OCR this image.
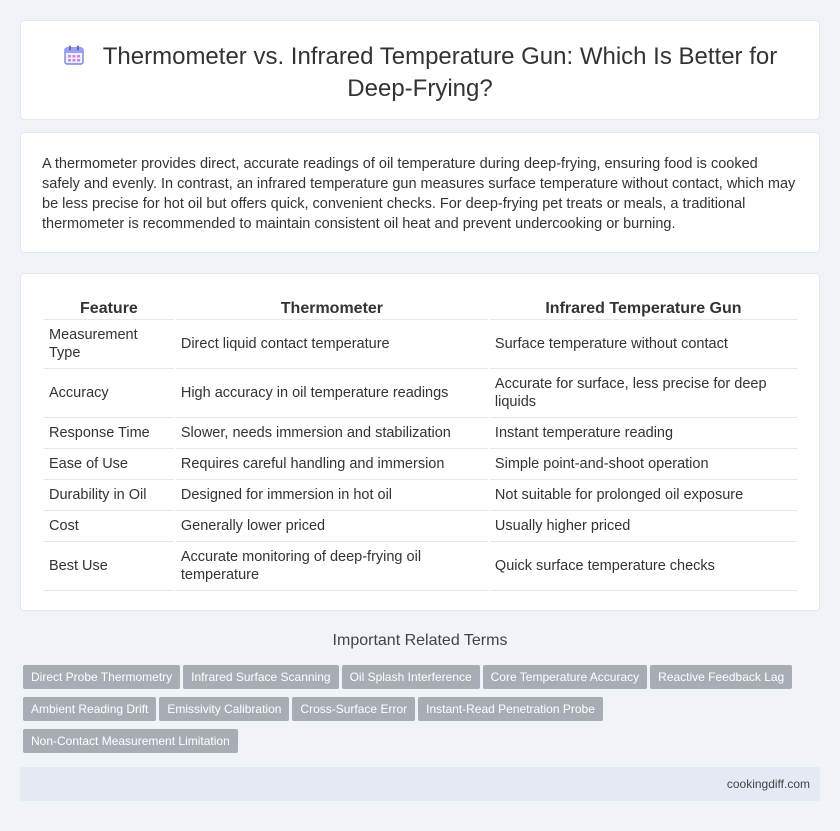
Thermometer vs. Infrared Temperature Gun: Which Is Better for Deep-Frying?

A thermometer provides direct, accurate readings of oil temperature during deep-frying, ensuring food is cooked safely and evenly. In contrast, an infrared temperature gun measures surface temperature without contact, which may be less precise for hot oil but offers quick, convenient checks. For deep-frying pet treats or meals, a traditional thermometer is recommended to maintain consistent oil heat and prevent undercooking or burning.

Feature	Thermometer	Infrared Temperature Gun
Measurement Type	Direct liquid contact temperature	Surface temperature without contact
Accuracy	High accuracy in oil temperature readings	Accurate for surface, less precise for deep liquids
Response Time	Slower, needs immersion and stabilization	Instant temperature reading
Ease of Use	Requires careful handling and immersion	Simple point-and-shoot operation
Durability in Oil	Designed for immersion in hot oil	Not suitable for prolonged oil exposure
Cost	Generally lower priced	Usually higher priced
Best Use	Accurate monitoring of deep-frying oil temperature	Quick surface temperature checks
Important Related Terms
Direct Probe Thermometry Infrared Surface Scanning Oil Splash Interference Core Temperature Accuracy Reactive Feedback Lag
Ambient Reading Drift Emissivity Calibration Cross-Surface Error Instant-Read Penetration Probe
Non-Contact Measurement Limitation
cookingdiff.com
